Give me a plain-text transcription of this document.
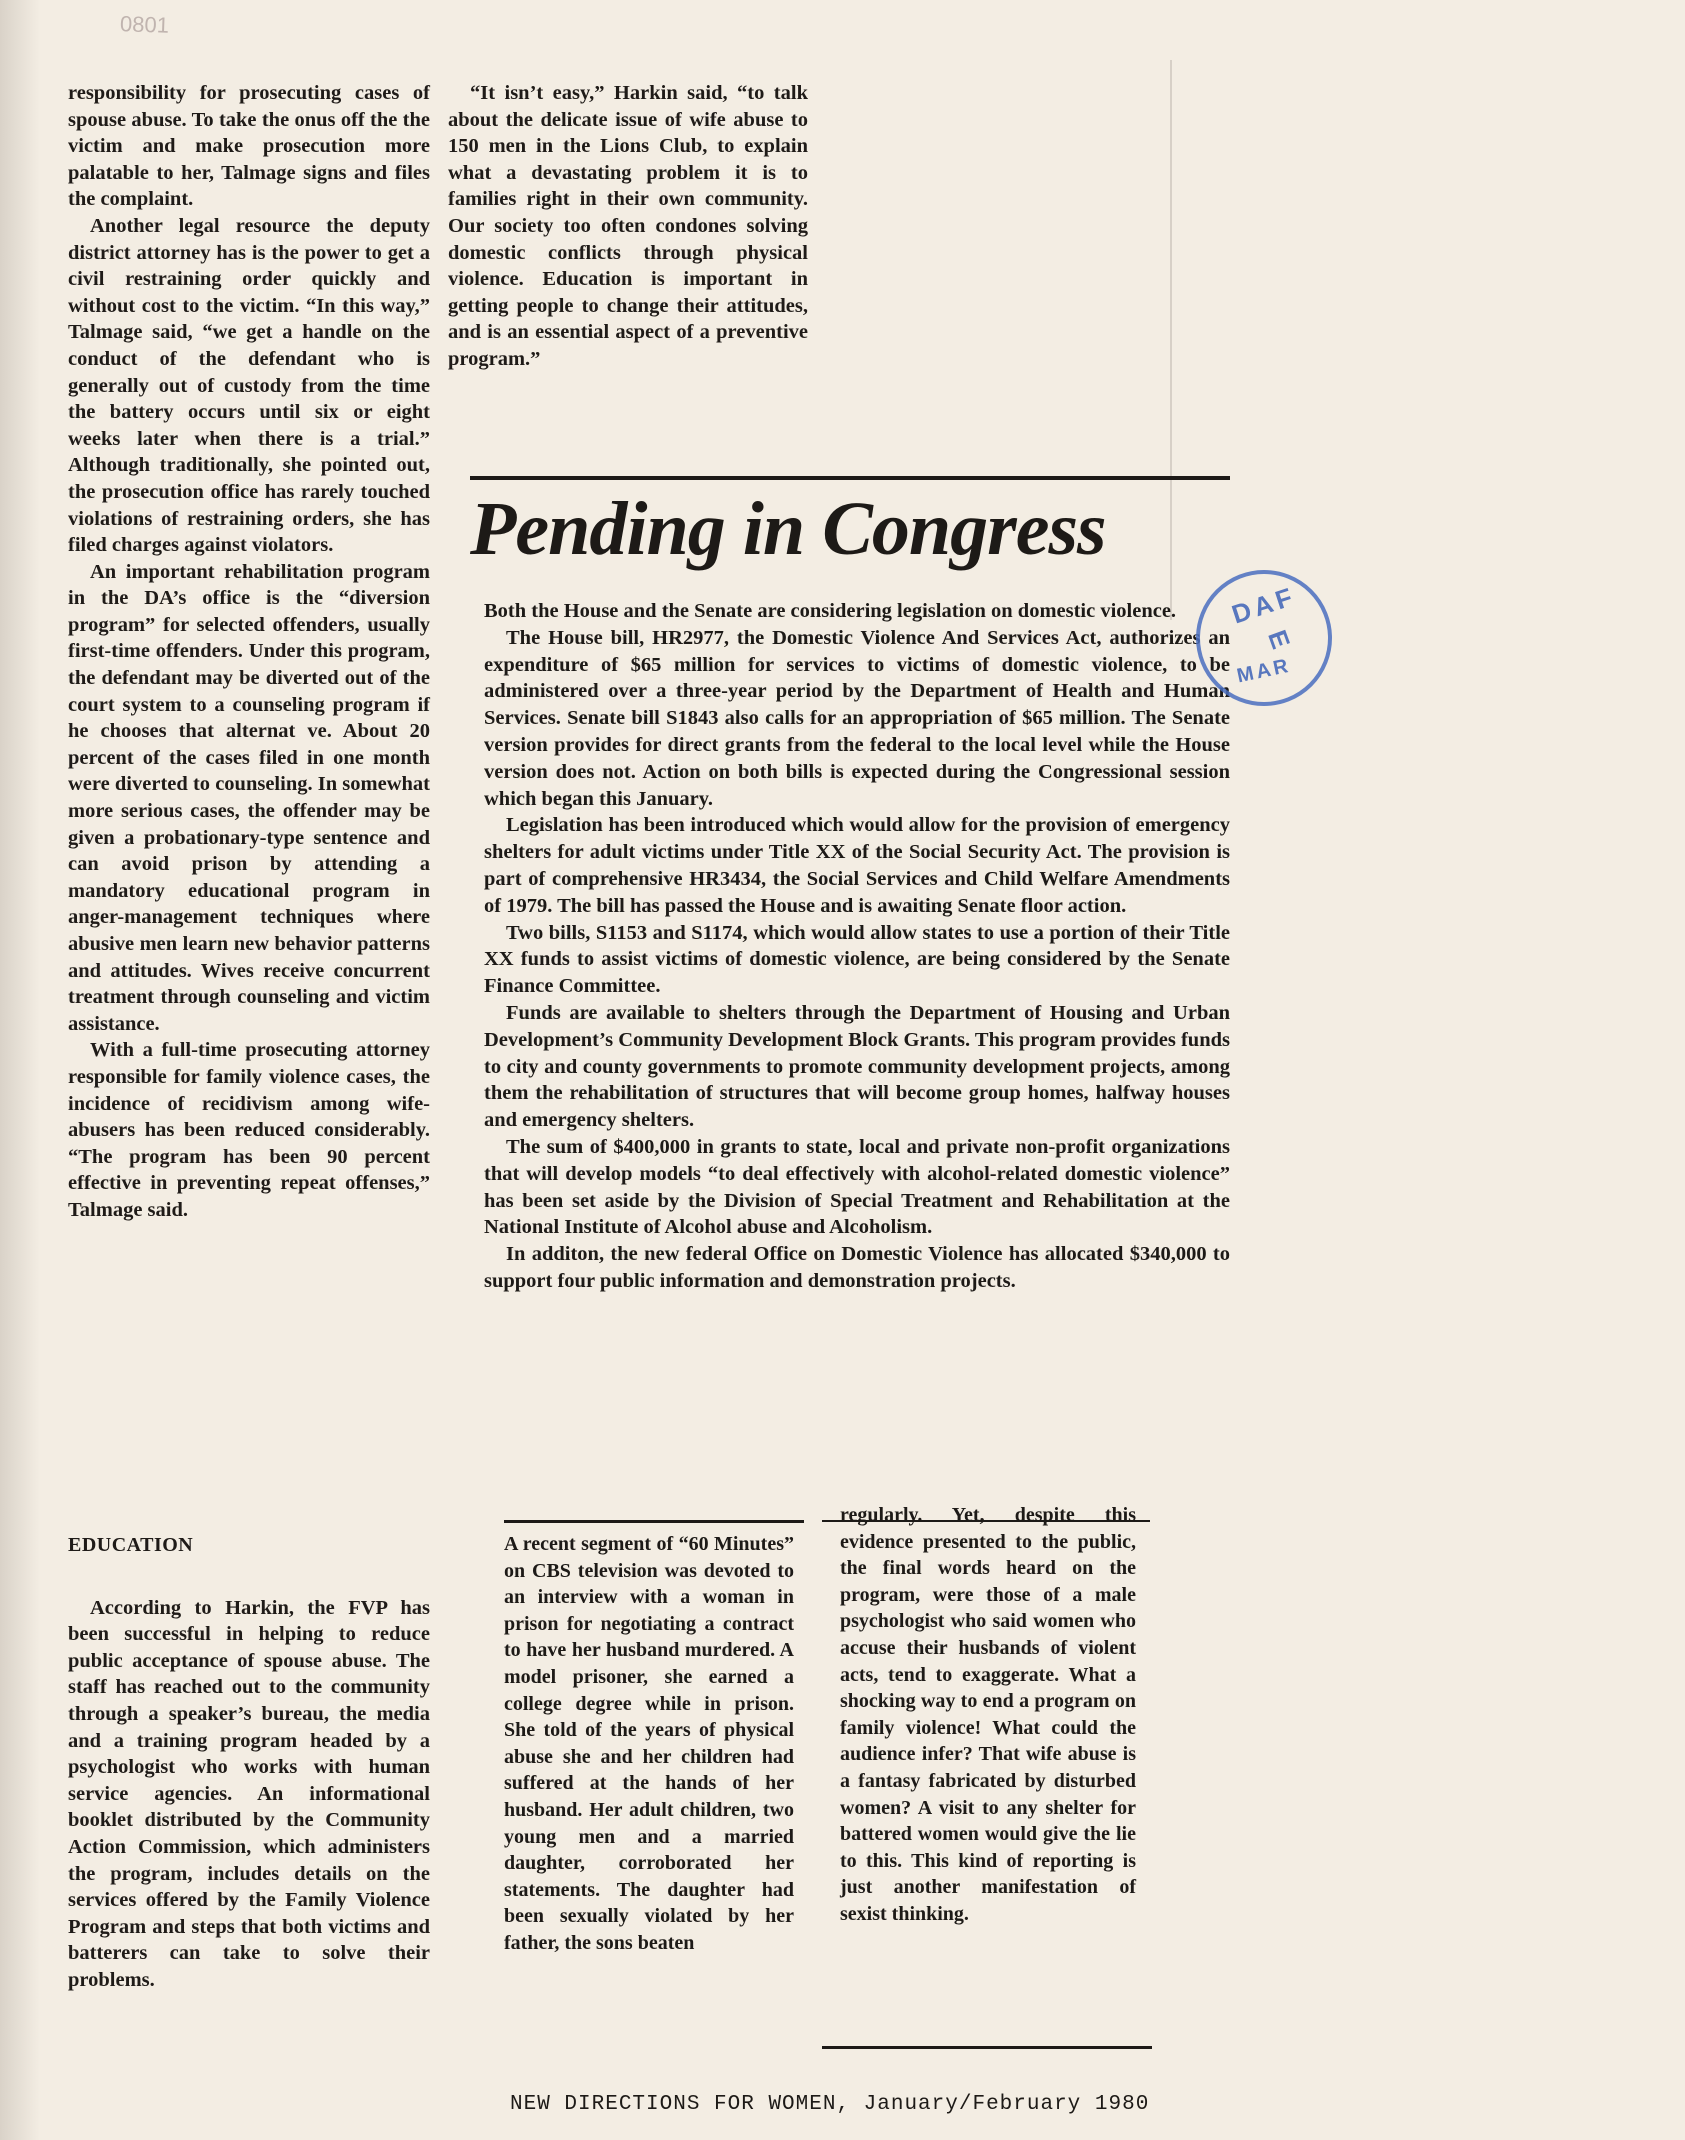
0801

responsibility for prosecuting cases of spouse abuse. To take the onus off the the victim and make prosecution more palatable to her, Talmage signs and files the complaint.

Another legal resource the deputy district attorney has is the power to get a civil restraining order quickly and without cost to the victim. “In this way,” Talmage said, “we get a handle on the conduct of the defendant who is generally out of custody from the time the battery occurs until six or eight weeks later when there is a trial.” Although traditionally, she pointed out, the prosecution office has rarely touched violations of restraining orders, she has filed charges against violators.

An important rehabilitation program in the DA’s office is the “diversion program” for selected offenders, usually first-time offenders. Under this program, the defendant may be diverted out of the court system to a counseling program if he chooses that alternat ve. About 20 percent of the cases filed in one month were diverted to counseling. In somewhat more serious cases, the offender may be given a probationary-type sentence and can avoid prison by attending a mandatory educational program in anger-management techniques where abusive men learn new behavior patterns and attitudes. Wives receive concurrent treatment through counseling and victim assistance.

With a full-time prosecuting attorney responsible for family violence cases, the incidence of recidivism among wife-abusers has been reduced considerably. “The program has been 90 percent effective in preventing repeat offenses,” Talmage said.

EDUCATION

According to Harkin, the FVP has been successful in helping to reduce public acceptance of spouse abuse. The staff has reached out to the community through a speaker’s bureau, the media and a training program headed by a psychologist who works with human service agencies. An informational booklet distributed by the Community Action Commission, which administers the program, includes details on the services offered by the Family Violence Program and steps that both victims and batterers can take to solve their problems.

“It isn’t easy,” Harkin said, “to talk about the delicate issue of wife abuse to 150 men in the Lions Club, to explain what a devastating problem it is to families right in their own community. Our society too often condones solving domestic conflicts through physical violence. Education is important in getting people to change their attitudes, and is an essential aspect of a preventive program.”

Pending in Congress

Both the House and the Senate are considering legislation on domestic violence.

The House bill, HR2977, the Domestic Violence And Services Act, authorizes an expenditure of $65 million for services to victims of domestic violence, to be administered over a three-year period by the Department of Health and Human Services. Senate bill S1843 also calls for an appropriation of $65 million. The Senate version provides for direct grants from the federal to the local level while the House version does not. Action on both bills is expected during the Congressional session which began this January.

Legislation has been introduced which would allow for the provision of emergency shelters for adult victims under Title XX of the Social Security Act. The provision is part of comprehensive HR3434, the Social Services and Child Welfare Amendments of 1979. The bill has passed the House and is awaiting Senate floor action.

Two bills, S1153 and S1174, which would allow states to use a portion of their Title XX funds to assist victims of domestic violence, are being considered by the Senate Finance Committee.

Funds are available to shelters through the Department of Housing and Urban Development’s Community Development Block Grants. This program provides funds to city and county governments to promote community development projects, among them the rehabilitation of structures that will become group homes, halfway houses and emergency shelters.

The sum of $400,000 in grants to state, local and private non-profit organizations that will develop models “to deal effectively with alcohol-related domestic violence” has been set aside by the Division of Special Treatment and Rehabilitation at the National Institute of Alcohol abuse and Alcoholism.

In additon, the new federal Office on Domestic Violence has allocated $340,000 to support four public information and demonstration projects.

DAF
E
MAR

A recent segment of “60 Minutes” on CBS television was devoted to an interview with a woman in prison for negotiating a contract to have her husband murdered. A model prisoner, she earned a college degree while in prison. She told of the years of physical abuse she and her children had suffered at the hands of her husband. Her adult children, two young men and a married daughter, corroborated her statements. The daughter had been sexually violated by her father, the sons beaten

regularly. Yet, despite this evidence presented to the public, the final words heard on the program, were those of a male psychologist who said women who accuse their husbands of violent acts, tend to exaggerate. What a shocking way to end a program on family violence! What could the audience infer? That wife abuse is a fantasy fabricated by disturbed women? A visit to any shelter for battered women would give the lie to this. This kind of reporting is just another manifestation of sexist thinking.

NEW DIRECTIONS FOR WOMEN, January/February 1980
